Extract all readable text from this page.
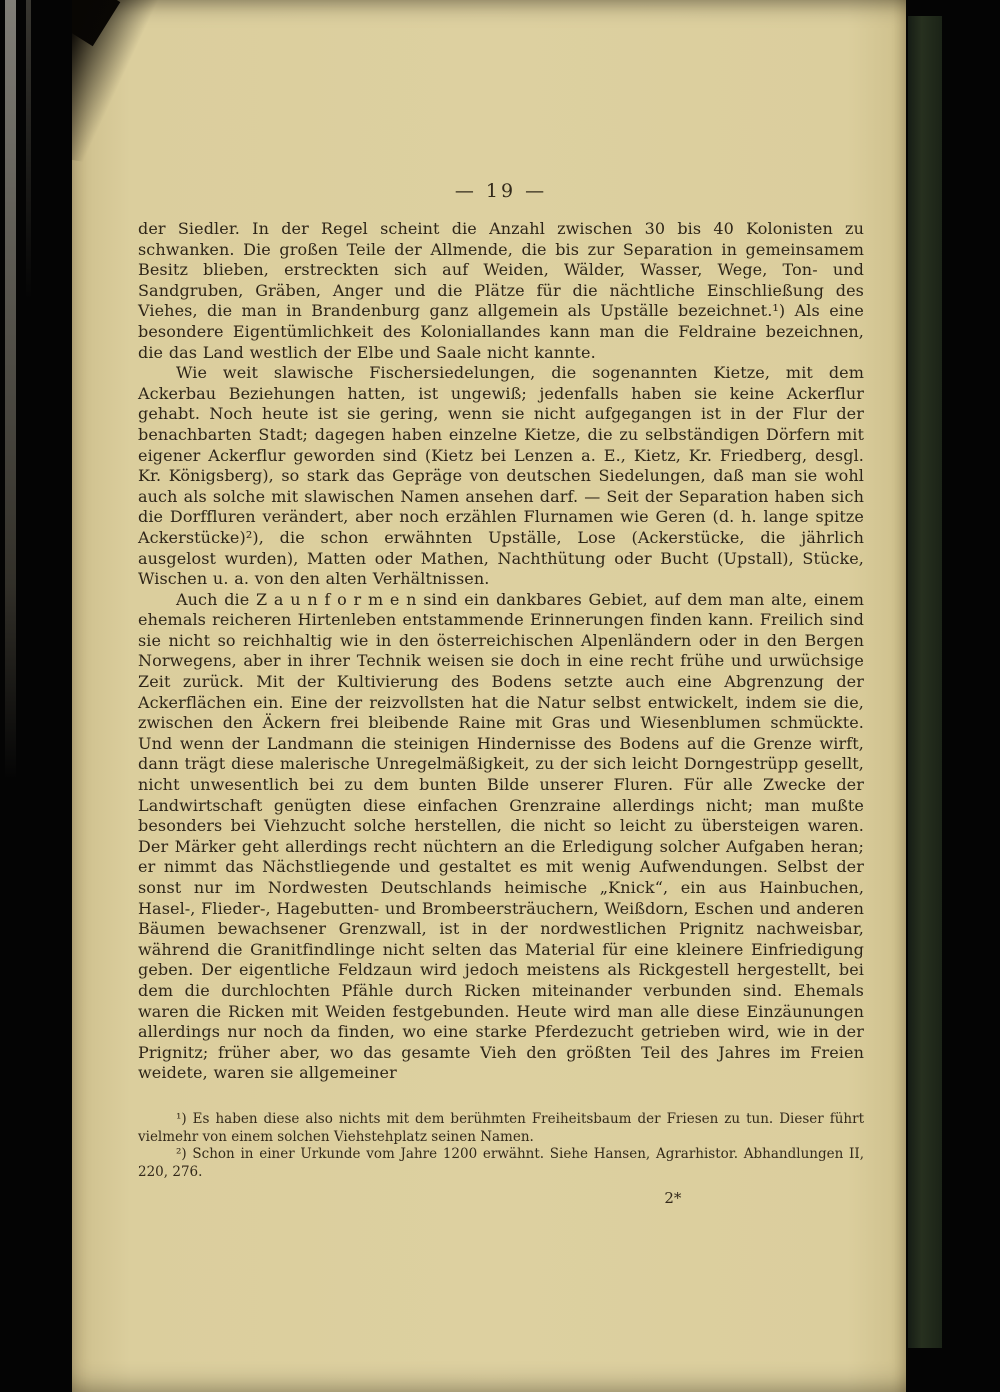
— 19 —

der Siedler. In der Regel scheint die Anzahl zwischen 30 bis 40 Kolonisten zu schwanken. Die großen Teile der Allmende, die bis zur Separation in gemeinsamem Besitz blieben, erstreckten sich auf Weiden, Wälder, Wasser, Wege, Ton- und Sandgruben, Gräben, Anger und die Plätze für die nächtliche Einschließung des Viehes, die man in Brandenburg ganz allgemein als Upställe bezeichnet.¹) Als eine besondere Eigentümlichkeit des Koloniallandes kann man die Feldraine bezeichnen, die das Land westlich der Elbe und Saale nicht kannte.

Wie weit slawische Fischersiedelungen, die sogenannten Kietze, mit dem Ackerbau Beziehungen hatten, ist ungewiß; jedenfalls haben sie keine Ackerflur gehabt. Noch heute ist sie gering, wenn sie nicht aufgegangen ist in der Flur der benachbarten Stadt; dagegen haben einzelne Kietze, die zu selbständigen Dörfern mit eigener Ackerflur geworden sind (Kietz bei Lenzen a. E., Kietz, Kr. Friedberg, desgl. Kr. Königsberg), so stark das Gepräge von deutschen Siedelungen, daß man sie wohl auch als solche mit slawischen Namen ansehen darf. — Seit der Separation haben sich die Dorffluren verändert, aber noch erzählen Flurnamen wie Geren (d. h. lange spitze Ackerstücke)²), die schon erwähnten Upställe, Lose (Ackerstücke, die jährlich ausgelost wurden), Matten oder Mathen, Nachthütung oder Bucht (Upstall), Stücke, Wischen u. a. von den alten Verhältnissen.

Auch die Z a u n f o r m e n sind ein dankbares Gebiet, auf dem man alte, einem ehemals reicheren Hirtenleben entstammende Erinnerungen finden kann. Freilich sind sie nicht so reichhaltig wie in den österreichischen Alpenländern oder in den Bergen Norwegens, aber in ihrer Technik weisen sie doch in eine recht frühe und urwüchsige Zeit zurück. Mit der Kultivierung des Bodens setzte auch eine Abgrenzung der Ackerflächen ein. Eine der reizvollsten hat die Natur selbst entwickelt, indem sie die, zwischen den Äckern frei bleibende Raine mit Gras und Wiesenblumen schmückte. Und wenn der Landmann die steinigen Hindernisse des Bodens auf die Grenze wirft, dann trägt diese malerische Unregelmäßigkeit, zu der sich leicht Dorngestrüpp gesellt, nicht unwesentlich bei zu dem bunten Bilde unserer Fluren. Für alle Zwecke der Landwirtschaft genügten diese einfachen Grenzraine allerdings nicht; man mußte besonders bei Viehzucht solche herstellen, die nicht so leicht zu übersteigen waren. Der Märker geht allerdings recht nüchtern an die Erledigung solcher Aufgaben heran; er nimmt das Nächstliegende und gestaltet es mit wenig Aufwendungen. Selbst der sonst nur im Nordwesten Deutschlands heimische „Knick“, ein aus Hainbuchen, Hasel-, Flieder-, Hagebutten- und Brombeersträuchern, Weißdorn, Eschen und anderen Bäumen bewachsener Grenzwall, ist in der nordwestlichen Prignitz nachweisbar, während die Granitfindlinge nicht selten das Material für eine kleinere Einfriedigung geben. Der eigentliche Feldzaun wird jedoch meistens als Rickgestell hergestellt, bei dem die durchlochten Pfähle durch Ricken miteinander verbunden sind. Ehemals waren die Ricken mit Weiden festgebunden. Heute wird man alle diese Einzäunungen allerdings nur noch da finden, wo eine starke Pferdezucht getrieben wird, wie in der Prignitz; früher aber, wo das gesamte Vieh den größten Teil des Jahres im Freien weidete, waren sie allgemeiner

¹) Es haben diese also nichts mit dem berühmten Freiheitsbaum der Friesen zu tun. Dieser führt vielmehr von einem solchen Viehstehplatz seinen Namen.

²) Schon in einer Urkunde vom Jahre 1200 erwähnt. Siehe Hansen, Agrarhistor. Abhandlungen II, 220, 276.

2*
